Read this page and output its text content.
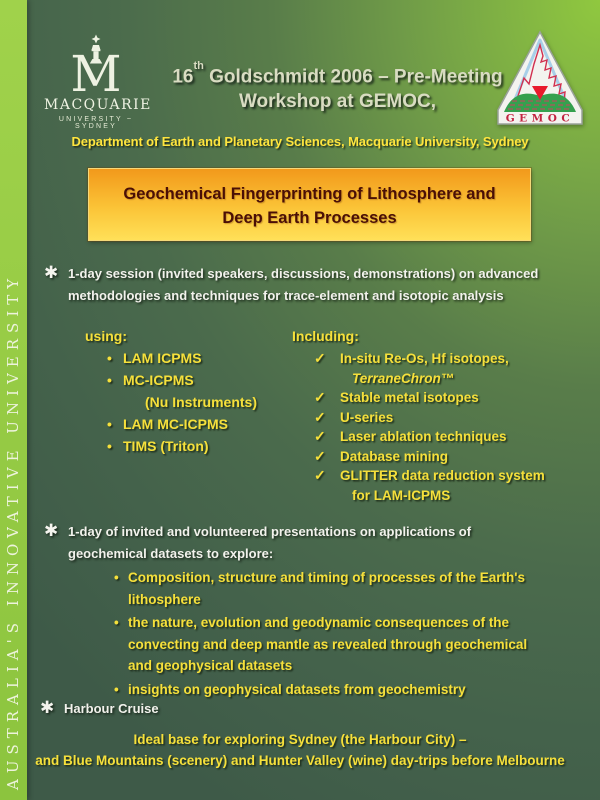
AUSTRALIA'S INNOVATIVE UNIVERSITY
M
MACQUARIE
UNIVERSITY ~ SYDNEY
GEMOC
16th Goldschmidt 2006 – Pre-Meeting
Workshop at GEMOC,
Department of Earth and Planetary Sciences, Macquarie University, Sydney
Geochemical Fingerprinting of Lithosphere and
Deep Earth Processes
✱ 1-day session (invited speakers, discussions, demonstrations) on advanced methodologies and techniques for trace-element and isotopic analysis
using:
• LAM ICPMS
• MC-ICPMS
(Nu Instruments)
• LAM MC-ICPMS
• TIMS (Triton)
Including:
✓	In-situ Re-Os, Hf isotopes,
TerraneChron™
✓	Stable metal isotopes
✓	U-series
✓	Laser ablation techniques
✓	Database mining
✓	GLITTER data reduction system
for LAM-ICPMS
✱ 1-day of invited and volunteered presentations on applications of geochemical datasets to explore:
• Composition, structure and timing of processes of the Earth's lithosphere
• the nature, evolution and geodynamic consequences of the convecting and deep mantle as revealed through geochemical and geophysical datasets
• insights on geophysical datasets from geochemistry
✱ Harbour Cruise
Ideal base for exploring Sydney (the Harbour City) –
and Blue Mountains (scenery) and Hunter Valley (wine) day-trips before Melbourne
